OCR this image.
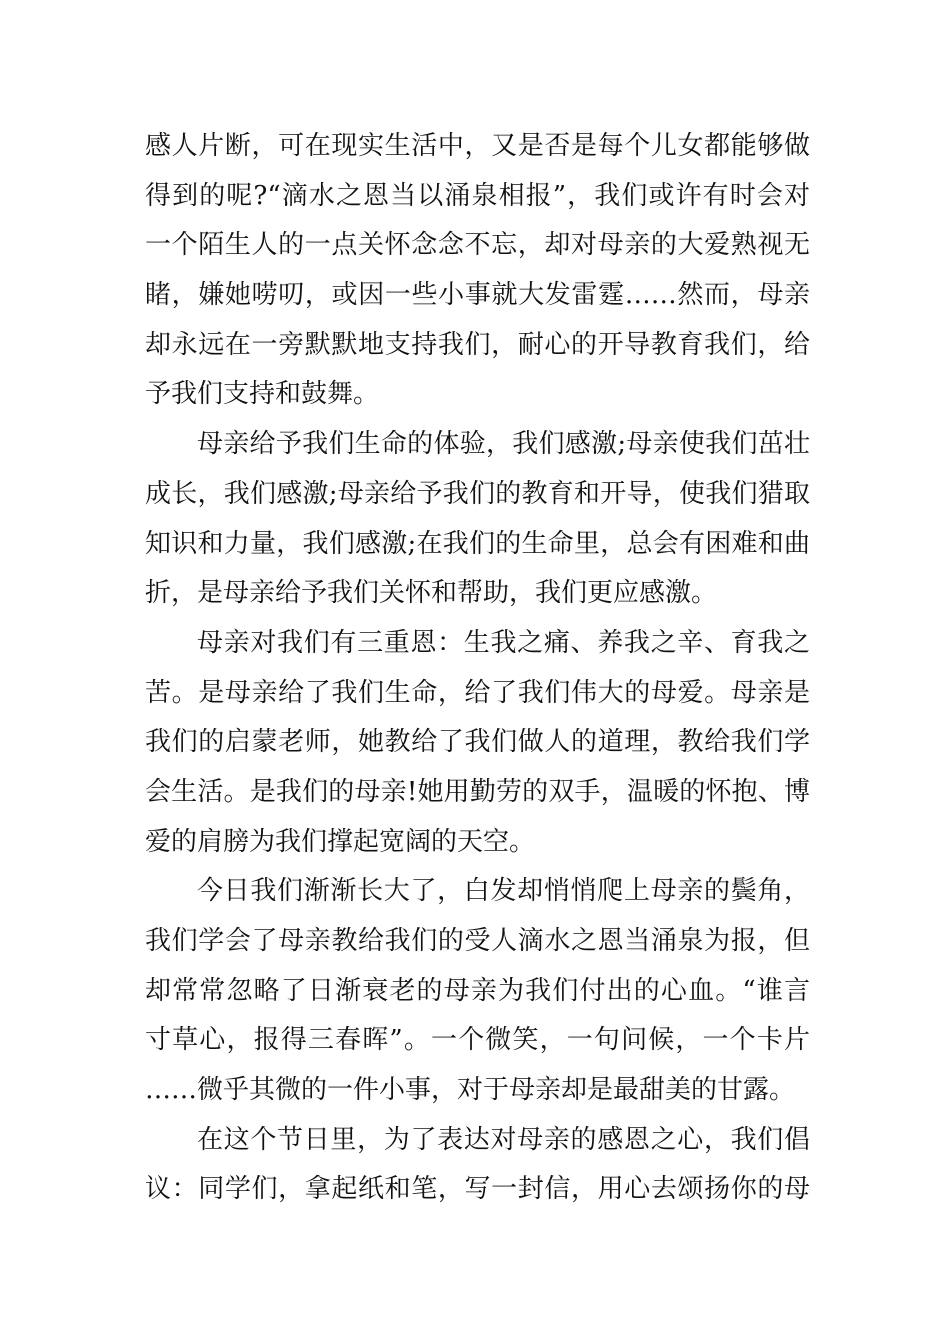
感人片断，可在现实生活中，又是否是每个儿女都能够做
得到的呢?“滴水之恩当以涌泉相报”，我们或许有时会对
一个陌生人的一点关怀念念不忘，却对母亲的大爱熟视无
睹，嫌她唠叨，或因一些小事就大发雷霆……然而，母亲
却永远在一旁默默地支持我们，耐心的开导教育我们，给
予我们支持和鼓舞。
母亲给予我们生命的体验，我们感激;母亲使我们茁壮
成长，我们感激;母亲给予我们的教育和开导，使我们猎取
知识和力量，我们感激;在我们的生命里，总会有困难和曲
折，是母亲给予我们关怀和帮助，我们更应感激。
母亲对我们有三重恩：生我之痛、养我之辛、育我之
苦。是母亲给了我们生命，给了我们伟大的母爱。母亲是
我们的启蒙老师，她教给了我们做人的道理，教给我们学
会生活。是我们的母亲!她用勤劳的双手，温暖的怀抱、博
爱的肩膀为我们撑起宽阔的天空。
今日我们渐渐长大了，白发却悄悄爬上母亲的鬓角，
我们学会了母亲教给我们的受人滴水之恩当涌泉为报，但
却常常忽略了日渐衰老的母亲为我们付出的心血。“谁言
寸草心，报得三春晖”。一个微笑，一句问候，一个卡片
……微乎其微的一件小事，对于母亲却是最甜美的甘露。
在这个节日里，为了表达对母亲的感恩之心，我们倡
议：同学们，拿起纸和笔，写一封信，用心去颂扬你的母
